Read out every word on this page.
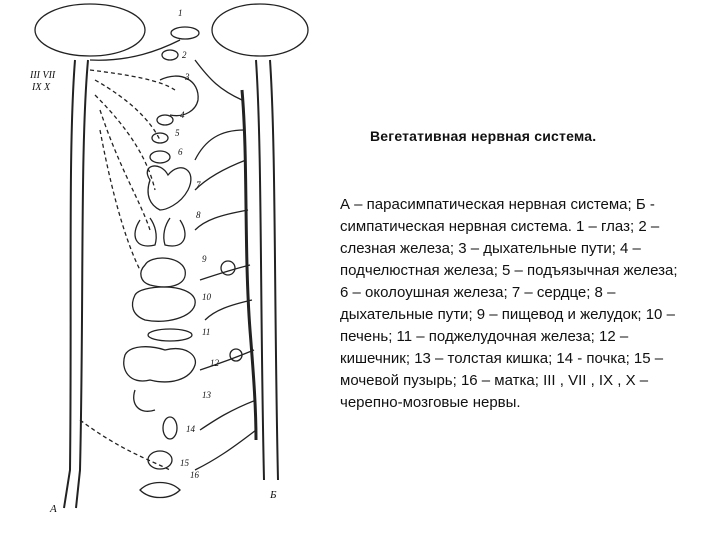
III VII
IX X
А
Б
1
2
3
4
5
6
7
8
9
10
11
12
13
14
15
16
Вегетативная нервная система.
А – парасимпатическая нервная система; Б - симпатическая нервная система. 1 – глаз; 2 – слезная железа; 3 – дыхательные пути; 4 – подчелюстная железа; 5 – подъязычная железа; 6 – околоушная железа; 7 – сердце; 8 – дыхательные пути; 9 – пищевод и желудок; 10 – печень; 11 – поджелудочная железа; 12 – кишечник; 13 – толстая кишка; 14 - почка; 15 – мочевой пузырь; 16 – матка; III , VII , IX , X – черепно-мозговые нервы.
